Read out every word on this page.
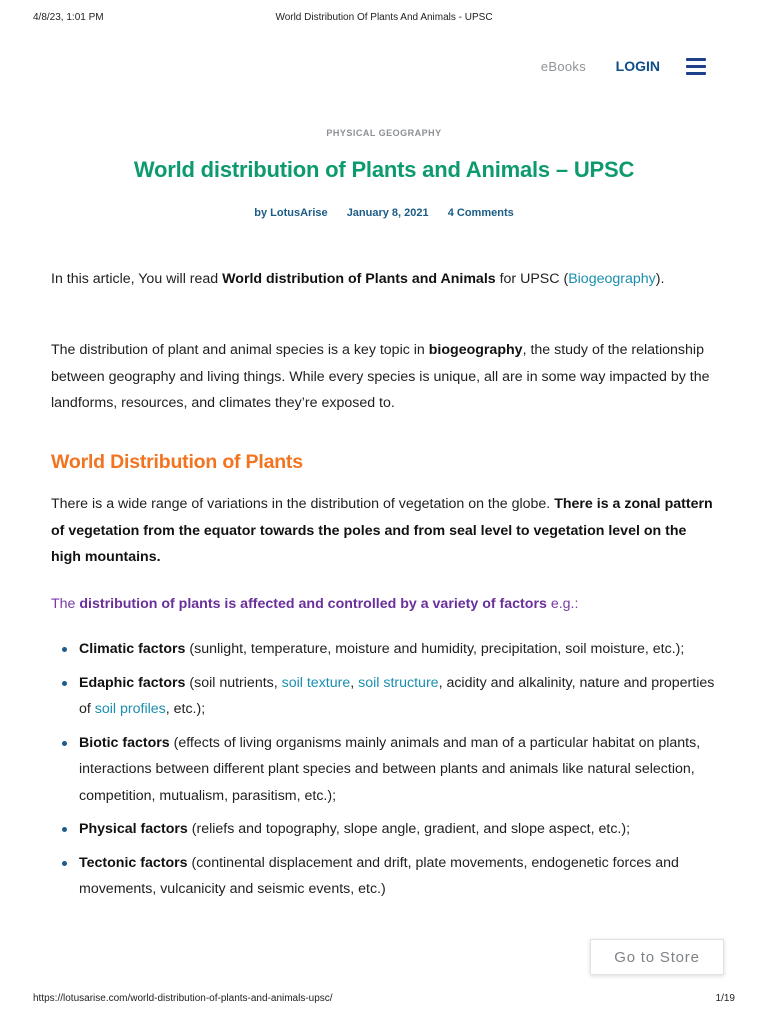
4/8/23, 1:01 PM	World Distribution Of Plants And Animals - UPSC
eBooks LOGIN
PHYSICAL GEOGRAPHY
World distribution of Plants and Animals – UPSC
by LotusArise January 8, 2021 4 Comments

In this article, You will read World distribution of Plants and Animals for UPSC (Biogeography).

The distribution of plant and animal species is a key topic in biogeography, the study of the relationship between geography and living things. While every species is unique, all are in some way impacted by the landforms, resources, and climates they’re exposed to.

World Distribution of Plants

There is a wide range of variations in the distribution of vegetation on the globe. There is a zonal pattern of vegetation from the equator towards the poles and from seal level to vegetation level on the high mountains.

The distribution of plants is affected and controlled by a variety of factors e.g.:

Climatic factors (sunlight, temperature, moisture and humidity, precipitation, soil moisture, etc.);
Edaphic factors (soil nutrients, soil texture, soil structure, acidity and alkalinity, nature and properties of soil profiles, etc.);
Biotic factors (effects of living organisms mainly animals and man of a particular habitat on plants, interactions between different plant species and between plants and animals like natural selection, competition, mutualism, parasitism, etc.);
Physical factors (reliefs and topography, slope angle, gradient, and slope aspect, etc.);
Tectonic factors (continental displacement and drift, plate movements, endogenetic forces and movements, vulcanicity and seismic events, etc.)
Go to Store
https://lotusarise.com/world-distribution-of-plants-and-animals-upsc/	1/19
